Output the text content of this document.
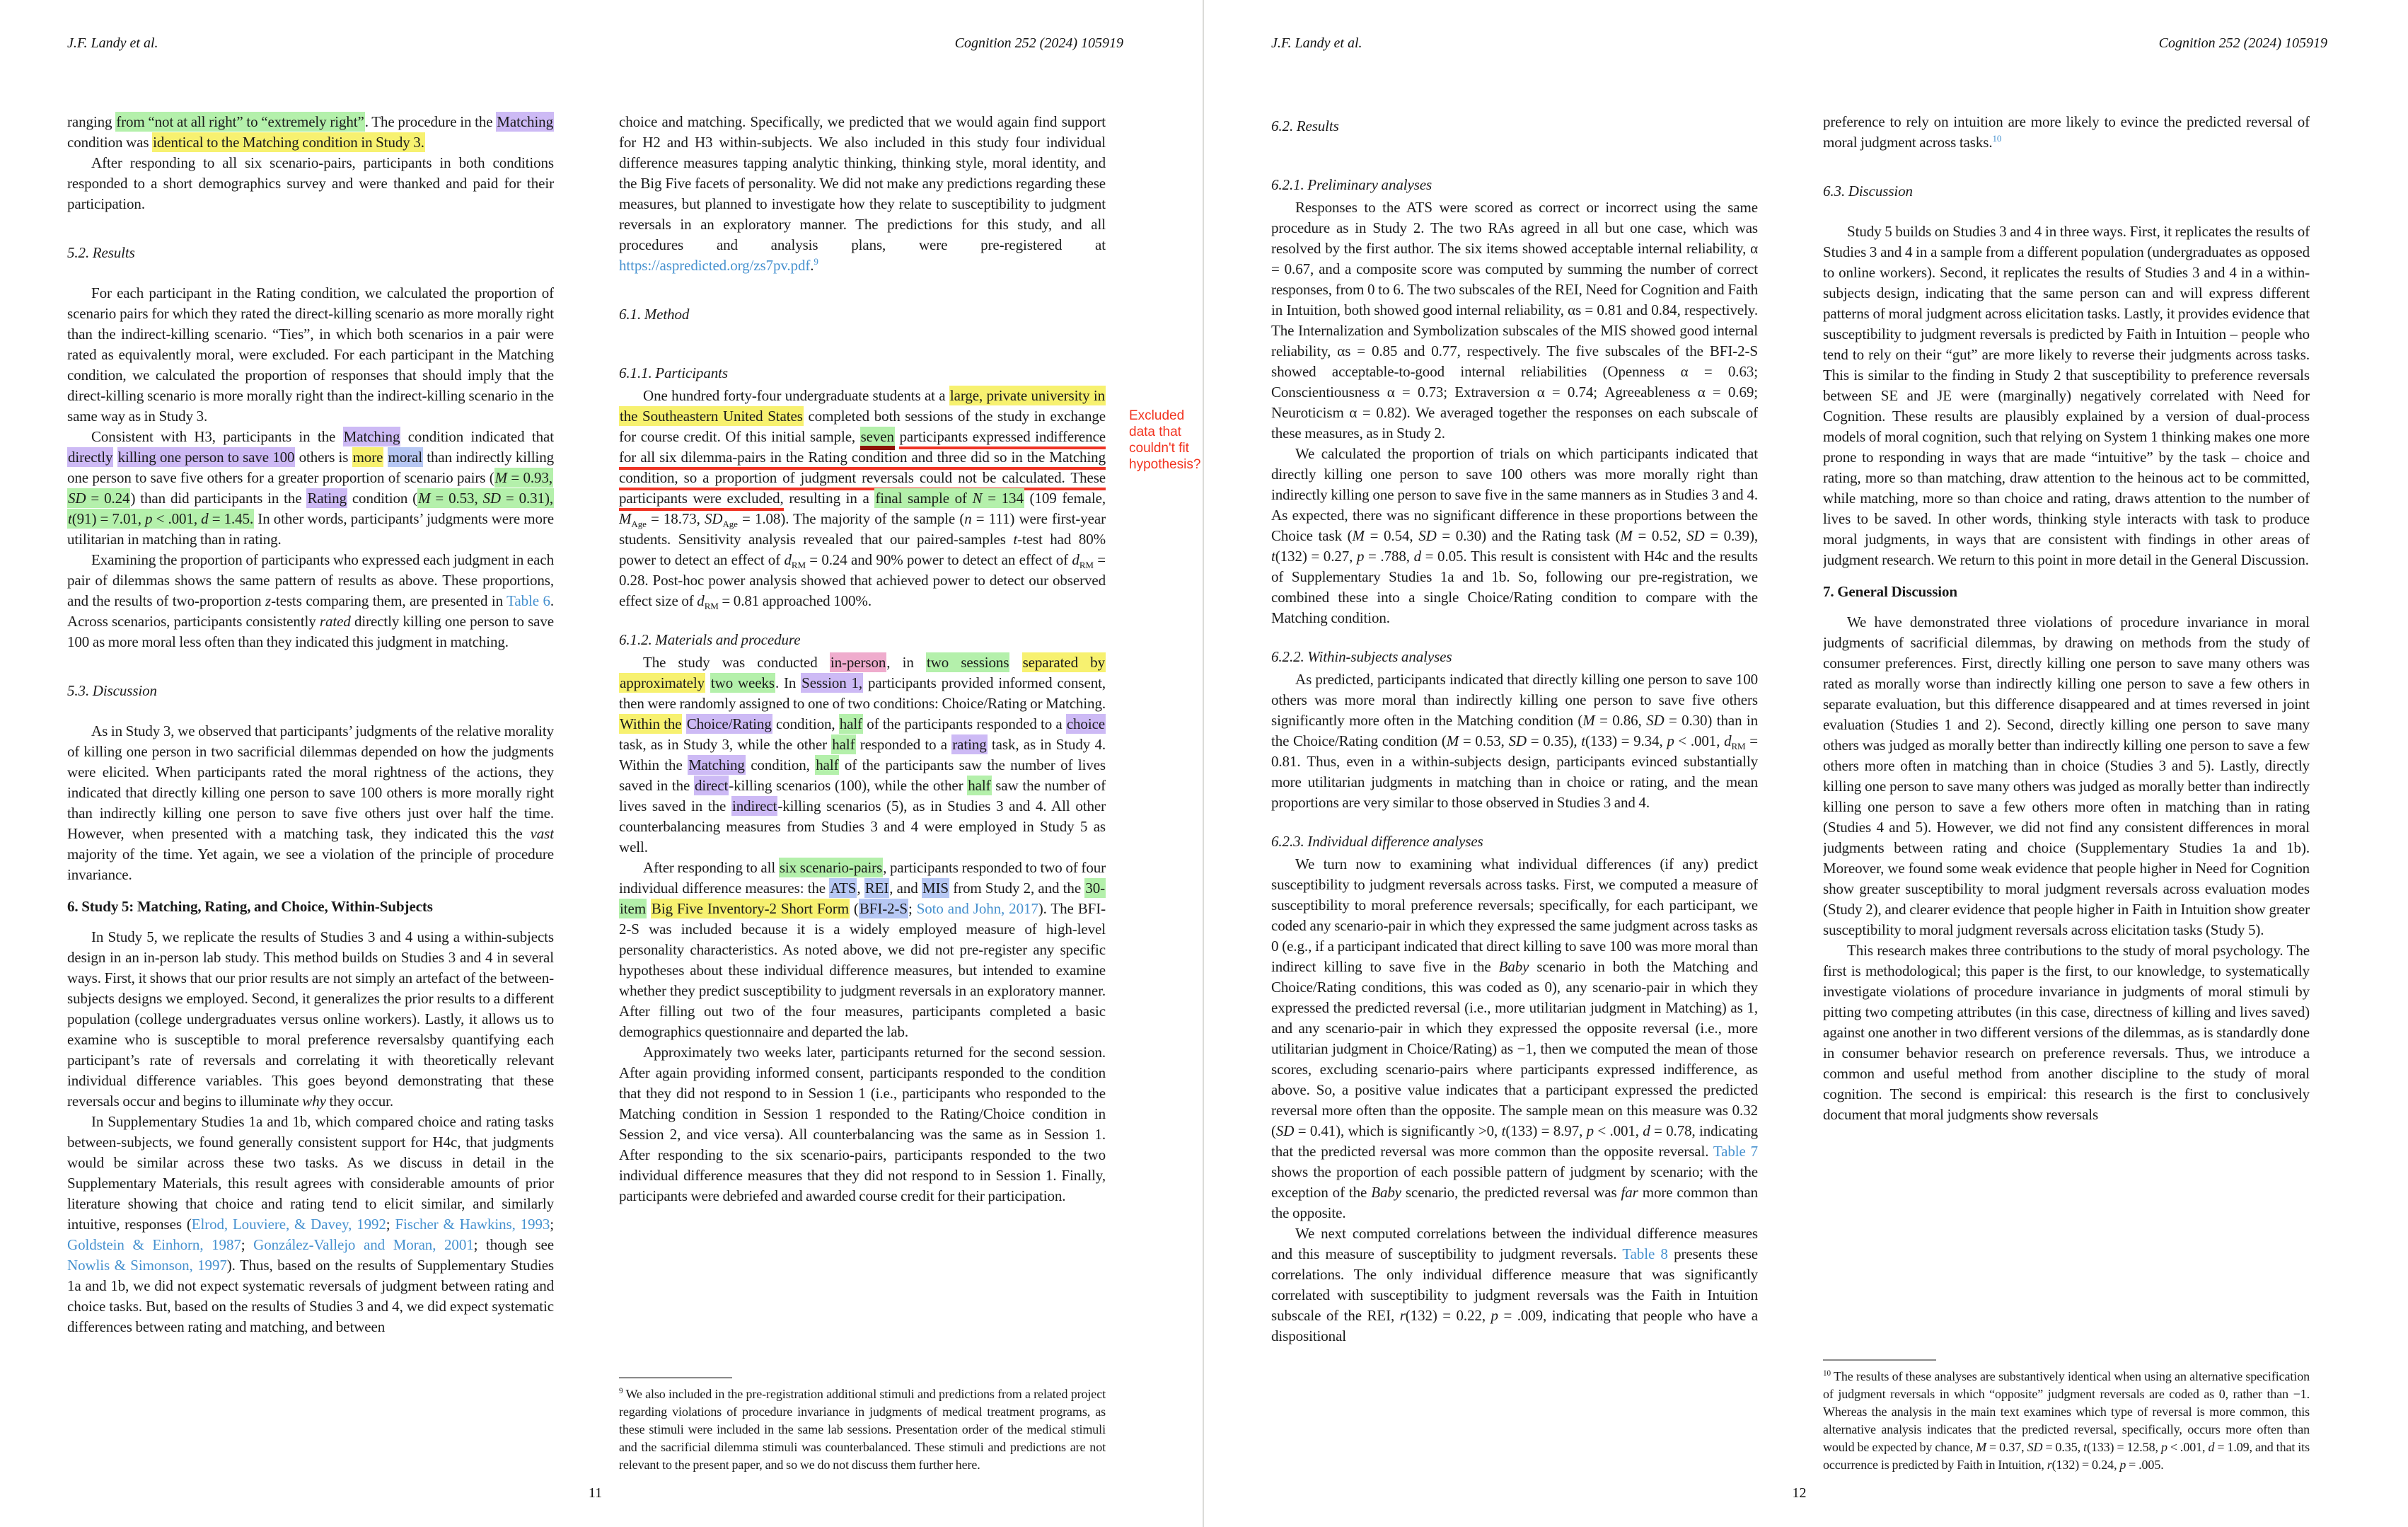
J.F. Landy et al.	Cognition 252 (2024) 105919

ranging from “not at all right” to “extremely right”. The procedure in the Matching condition was identical to the Matching condition in Study 3.

After responding to all six scenario-pairs, participants in both conditions responded to a short demographics survey and were thanked and paid for their participation.

5.2. Results

For each participant in the Rating condition, we calculated the proportion of scenario pairs for which they rated the direct-killing scenario as more morally right than the indirect-killing scenario. “Ties”, in which both scenarios in a pair were rated as equivalently moral, were excluded. For each participant in the Matching condition, we calculated the proportion of responses that should imply that the direct-killing scenario is more morally right than the indirect-killing scenario in the same way as in Study 3.

Consistent with H3, participants in the Matching condition indicated that directly killing one person to save 100 others is more moral than indirectly killing one person to save five others for a greater proportion of scenario pairs (M = 0.93, SD = 0.24) than did participants in the Rating condition (M = 0.53, SD = 0.31), t(91) = 7.01, p < .001, d = 1.45. In other words, participants’ judgments were more utilitarian in matching than in rating.

Examining the proportion of participants who expressed each judgment in each pair of dilemmas shows the same pattern of results as above. These proportions, and the results of two-proportion z-tests comparing them, are presented in Table 6. Across scenarios, participants consistently rated directly killing one person to save 100 as more moral less often than they indicated this judgment in matching.

5.3. Discussion

As in Study 3, we observed that participants’ judgments of the relative morality of killing one person in two sacrificial dilemmas depended on how the judgments were elicited. When participants rated the moral rightness of the actions, they indicated that directly killing one person to save 100 others is more morally right than indirectly killing one person to save five others just over half the time. However, when presented with a matching task, they indicated this the vast majority of the time. Yet again, we see a violation of the principle of procedure invariance.

6. Study 5: Matching, Rating, and Choice, Within-Subjects

In Study 5, we replicate the results of Studies 3 and 4 using a within-subjects design in an in-person lab study. This method builds on Studies 3 and 4 in several ways. First, it shows that our prior results are not simply an artefact of the between-subjects designs we employed. Second, it generalizes the prior results to a different population (college undergraduates versus online workers). Lastly, it allows us to examine who is susceptible to moral preference reversalsby quantifying each participant’s rate of reversals and correlating it with theoretically relevant individual difference variables. This goes beyond demonstrating that these reversals occur and begins to illuminate why they occur.

In Supplementary Studies 1a and 1b, which compared choice and rating tasks between-subjects, we found generally consistent support for H4c, that judgments would be similar across these two tasks. As we discuss in detail in the Supplementary Materials, this result agrees with considerable amounts of prior literature showing that choice and rating tend to elicit similar, and similarly intuitive, responses (Elrod, Louviere, & Davey, 1992; Fischer & Hawkins, 1993; Goldstein & Einhorn, 1987; González-Vallejo and Moran, 2001; though see Nowlis & Simonson, 1997). Thus, based on the results of Supplementary Studies 1a and 1b, we did not expect systematic reversals of judgment between rating and choice tasks. But, based on the results of Studies 3 and 4, we did expect systematic differences between rating and matching, and between

choice and matching. Specifically, we predicted that we would again find support for H2 and H3 within-subjects. We also included in this study four individual difference measures tapping analytic thinking, thinking style, moral identity, and the Big Five facets of personality. We did not make any predictions regarding these measures, but planned to investigate how they relate to susceptibility to judgment reversals in an exploratory manner. The predictions for this study, and all procedures and analysis plans, were pre-registered at https://aspredicted.org/zs7pv.pdf.$^9$

6.1. Method
6.1.1. Participants

One hundred forty-four undergraduate students at a large, private university in the Southeastern United States completed both sessions of the study in exchange for course credit. Of this initial sample, seven participants expressed indifference for all six dilemma-pairs in the Rating condition and three did so in the Matching condition, so a proportion of judgment reversals could not be calculated. These participants were excluded, resulting in a final sample of N = 134 (109 female, $M_{Age} = 18.73$, $SD_{Age} = 1.08$). The majority of the sample (n = 111) were first-year students. Sensitivity analysis revealed that our paired-samples t-test had 80% power to detect an effect of $d_{RM} = 0.24$ and 90% power to detect an effect of $d_{RM} = 0.28$. Post-hoc power analysis showed that achieved power to detect our observed effect size of $d_{RM} = 0.81$ approached 100%.

6.1.2. Materials and procedure

The study was conducted in-person, in two sessions separated by approximately two weeks. In Session 1, participants provided informed consent, then were randomly assigned to one of two conditions: Choice/Rating or Matching. Within the Choice/Rating condition, half of the participants responded to a choice task, as in Study 3, while the other half responded to a rating task, as in Study 4. Within the Matching condition, half of the participants saw the number of lives saved in the direct-killing scenarios (100), while the other half saw the number of lives saved in the indirect-killing scenarios (5), as in Studies 3 and 4. All other counterbalancing measures from Studies 3 and 4 were employed in Study 5 as well.

After responding to all six scenario-pairs, participants responded to two of four individual difference measures: the ATS, REI, and MIS from Study 2, and the 30-item Big Five Inventory-2 Short Form (BFI-2-S; Soto and John, 2017). The BFI-2-S was included because it is a widely employed measure of high-level personality characteristics. As noted above, we did not pre-register any specific hypotheses about these individual difference measures, but intended to examine whether they predict susceptibility to judgment reversals in an exploratory manner. After filling out two of the four measures, participants completed a basic demographics questionnaire and departed the lab.

Approximately two weeks later, participants returned for the second session. After again providing informed consent, participants responded to the condition that they did not respond to in Session 1 (i.e., participants who responded to the Matching condition in Session 1 responded to the Rating/Choice condition in Session 2, and vice versa). All counterbalancing was the same as in Session 1. After responding to the six scenario-pairs, participants responded to the two individual difference measures that they did not respond to in Session 1. Finally, participants were debriefed and awarded course credit for their participation.

$^9$ We also included in the pre-registration additional stimuli and predictions from a related project regarding violations of procedure invariance in judgments of medical treatment programs, as these stimuli were included in the same lab sessions. Presentation order of the medical stimuli and the sacrificial dilemma stimuli was counterbalanced. These stimuli and predictions are not relevant to the present paper, and so we do not discuss them further here.
Excluded data that couldn't fit hypothesis?
11
J.F. Landy et al.	Cognition 252 (2024) 105919
6.2. Results
6.2.1. Preliminary analyses

Responses to the ATS were scored as correct or incorrect using the same procedure as in Study 2. The two RAs agreed in all but one case, which was resolved by the first author. The six items showed acceptable internal reliability, α = 0.67, and a composite score was computed by summing the number of correct responses, from 0 to 6. The two subscales of the REI, Need for Cognition and Faith in Intuition, both showed good internal reliability, αs = 0.81 and 0.84, respectively. The Internalization and Symbolization subscales of the MIS showed good internal reliability, αs = 0.85 and 0.77, respectively. The five subscales of the BFI-2-S showed acceptable-to-good internal reliabilities (Openness α = 0.63; Conscientiousness α = 0.73; Extraversion α = 0.74; Agreeableness α = 0.69; Neuroticism α = 0.82). We averaged together the responses on each subscale of these measures, as in Study 2.

We calculated the proportion of trials on which participants indicated that directly killing one person to save 100 others was more morally right than indirectly killing one person to save five in the same manners as in Studies 3 and 4. As expected, there was no significant difference in these proportions between the Choice task (M = 0.54, SD = 0.30) and the Rating task (M = 0.52, SD = 0.39), t(132) = 0.27, p = .788, d = 0.05. This result is consistent with H4c and the results of Supplementary Studies 1a and 1b. So, following our pre-registration, we combined these into a single Choice/Rating condition to compare with the Matching condition.

6.2.2. Within-subjects analyses

As predicted, participants indicated that directly killing one person to save 100 others was more moral than indirectly killing one person to save five others significantly more often in the Matching condition (M = 0.86, SD = 0.30) than in the Choice/Rating condition (M = 0.53, SD = 0.35), t(133) = 9.34, p < .001, $d_{RM} = 0.81$. Thus, even in a within-subjects design, participants evinced substantially more utilitarian judgments in matching than in choice or rating, and the mean proportions are very similar to those observed in Studies 3 and 4.

6.2.3. Individual difference analyses

We turn now to examining what individual differences (if any) predict susceptibility to judgment reversals across tasks. First, we computed a measure of susceptibility to moral preference reversals; specifically, for each participant, we coded any scenario-pair in which they expressed the same judgment across tasks as 0 (e.g., if a participant indicated that direct killing to save 100 was more moral than indirect killing to save five in the Baby scenario in both the Matching and Choice/Rating conditions, this was coded as 0), any scenario-pair in which they expressed the predicted reversal (i.e., more utilitarian judgment in Matching) as 1, and any scenario-pair in which they expressed the opposite reversal (i.e., more utilitarian judgment in Choice/Rating) as −1, then we computed the mean of those scores, excluding scenario-pairs where participants expressed indifference, as above. So, a positive value indicates that a participant expressed the predicted reversal more often than the opposite. The sample mean on this measure was 0.32 (SD = 0.41), which is significantly >0, t(133) = 8.97, p < .001, d = 0.78, indicating that the predicted reversal was more common than the opposite reversal. Table 7 shows the proportion of each possible pattern of judgment by scenario; with the exception of the Baby scenario, the predicted reversal was far more common than the opposite.

We next computed correlations between the individual difference measures and this measure of susceptibility to judgment reversals. Table 8 presents these correlations. The only individual difference measure that was significantly correlated with susceptibility to judgment reversals was the Faith in Intuition subscale of the REI, r(132) = 0.22, p = .009, indicating that people who have a dispositional

preference to rely on intuition are more likely to evince the predicted reversal of moral judgment across tasks.$^{10}$

6.3. Discussion

Study 5 builds on Studies 3 and 4 in three ways. First, it replicates the results of Studies 3 and 4 in a sample from a different population (undergraduates as opposed to online workers). Second, it replicates the results of Studies 3 and 4 in a within-subjects design, indicating that the same person can and will express different patterns of moral judgment across elicitation tasks. Lastly, it provides evidence that susceptibility to judgment reversals is predicted by Faith in Intuition – people who tend to rely on their “gut” are more likely to reverse their judgments across tasks. This is similar to the finding in Study 2 that susceptibility to preference reversals between SE and JE were (marginally) negatively correlated with Need for Cognition. These results are plausibly explained by a version of dual-process models of moral cognition, such that relying on System 1 thinking makes one more prone to responding in ways that are made “intuitive” by the task – choice and rating, more so than matching, draw attention to the heinous act to be committed, while matching, more so than choice and rating, draws attention to the number of lives to be saved. In other words, thinking style interacts with task to produce moral judgments, in ways that are consistent with findings in other areas of judgment research. We return to this point in more detail in the General Discussion.

7. General Discussion

We have demonstrated three violations of procedure invariance in moral judgments of sacrificial dilemmas, by drawing on methods from the study of consumer preferences. First, directly killing one person to save many others was rated as morally worse than indirectly killing one person to save a few others in separate evaluation, but this difference disappeared and at times reversed in joint evaluation (Studies 1 and 2). Second, directly killing one person to save many others was judged as morally better than indirectly killing one person to save a few others more often in matching than in choice (Studies 3 and 5). Lastly, directly killing one person to save many others was judged as morally better than indirectly killing one person to save a few others more often in matching than in rating (Studies 4 and 5). However, we did not find any consistent differences in moral judgments between rating and choice (Supplementary Studies 1a and 1b). Moreover, we found some weak evidence that people higher in Need for Cognition show greater susceptibility to moral judgment reversals across evaluation modes (Study 2), and clearer evidence that people higher in Faith in Intuition show greater susceptibility to moral judgment reversals across elicitation tasks (Study 5).

This research makes three contributions to the study of moral psychology. The first is methodological; this paper is the first, to our knowledge, to systematically investigate violations of procedure invariance in judgments of moral stimuli by pitting two competing attributes (in this case, directness of killing and lives saved) against one another in two different versions of the dilemmas, as is standardly done in consumer behavior research on preference reversals. Thus, we introduce a common and useful method from another discipline to the study of moral cognition. The second is empirical: this research is the first to conclusively document that moral judgments show reversals

$^{10}$ The results of these analyses are substantively identical when using an alternative specification of judgment reversals in which “opposite” judgment reversals are coded as 0, rather than −1. Whereas the analysis in the main text examines which type of reversal is more common, this alternative analysis indicates that the predicted reversal, specifically, occurs more often than would be expected by chance, M = 0.37, SD = 0.35, t(133) = 12.58, p < .001, d = 1.09, and that its occurrence is predicted by Faith in Intuition, r(132) = 0.24, p = .005.
12
